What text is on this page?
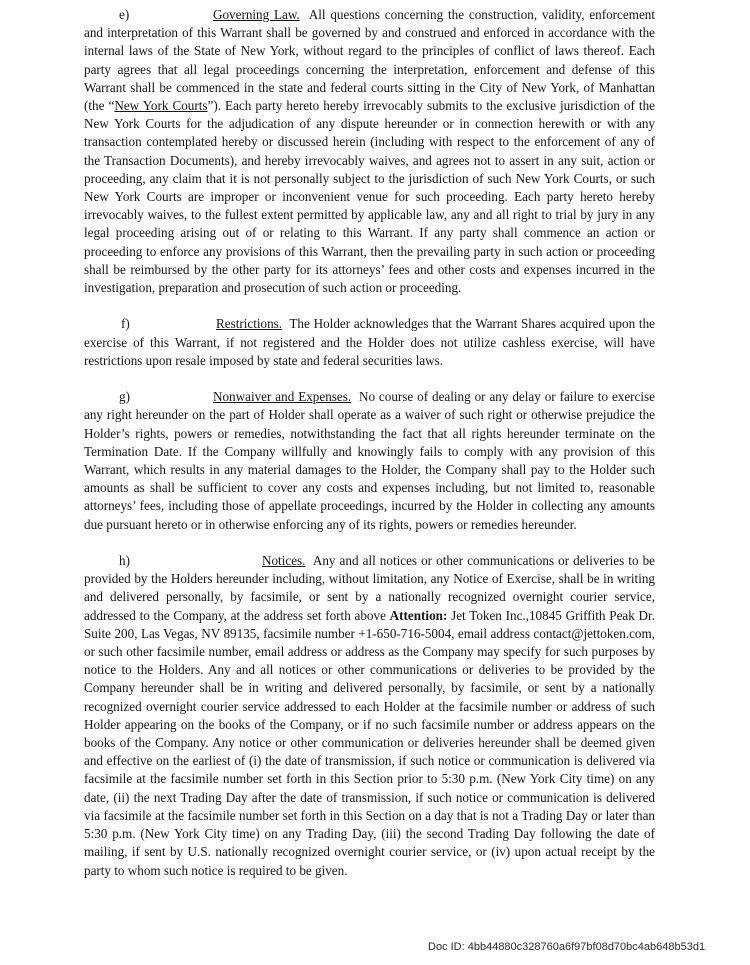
e)	Governing Law. All questions concerning the construction, validity, enforcement and interpretation of this Warrant shall be governed by and construed and enforced in accordance with the internal laws of the State of New York, without regard to the principles of conflict of laws thereof. Each party agrees that all legal proceedings concerning the interpretation, enforcement and defense of this Warrant shall be commenced in the state and federal courts sitting in the City of New York, of Manhattan (the “New York Courts”). Each party hereto hereby irrevocably submits to the exclusive jurisdiction of the New York Courts for the adjudication of any dispute hereunder or in connection herewith or with any transaction contemplated hereby or discussed herein (including with respect to the enforcement of any of the Transaction Documents), and hereby irrevocably waives, and agrees not to assert in any suit, action or proceeding, any claim that it is not personally subject to the jurisdiction of such New York Courts, or such New York Courts are improper or inconvenient venue for such proceeding. Each party hereto hereby irrevocably waives, to the fullest extent permitted by applicable law, any and all right to trial by jury in any legal proceeding arising out of or relating to this Warrant. If any party shall commence an action or proceeding to enforce any provisions of this Warrant, then the prevailing party in such action or proceeding shall be reimbursed by the other party for its attorneys’ fees and other costs and expenses incurred in the investigation, preparation and prosecution of such action or proceeding.

f)	Restrictions. The Holder acknowledges that the Warrant Shares acquired upon the exercise of this Warrant, if not registered and the Holder does not utilize cashless exercise, will have restrictions upon resale imposed by state and federal securities laws.

g)	Nonwaiver and Expenses. No course of dealing or any delay or failure to exercise any right hereunder on the part of Holder shall operate as a waiver of such right or otherwise prejudice the Holder’s rights, powers or remedies, notwithstanding the fact that all rights hereunder terminate on the Termination Date. If the Company willfully and knowingly fails to comply with any provision of this Warrant, which results in any material damages to the Holder, the Company shall pay to the Holder such amounts as shall be sufficient to cover any costs and expenses including, but not limited to, reasonable attorneys’ fees, including those of appellate proceedings, incurred by the Holder in collecting any amounts due pursuant hereto or in otherwise enforcing any of its rights, powers or remedies hereunder.

h)	Notices. Any and all notices or other communications or deliveries to be provided by the Holders hereunder including, without limitation, any Notice of Exercise, shall be in writing and delivered personally, by facsimile, or sent by a nationally recognized overnight courier service, addressed to the Company, at the address set forth above Attention: Jet Token Inc.,10845 Griffith Peak Dr. Suite 200, Las Vegas, NV 89135, facsimile number +1-650-716-5004, email address contact@jettoken.com, or such other facsimile number, email address or address as the Company may specify for such purposes by notice to the Holders. Any and all notices or other communications or deliveries to be provided by the Company hereunder shall be in writing and delivered personally, by facsimile, or sent by a nationally recognized overnight courier service addressed to each Holder at the facsimile number or address of such Holder appearing on the books of the Company, or if no such facsimile number or address appears on the books of the Company. Any notice or other communication or deliveries hereunder shall be deemed given and effective on the earliest of (i) the date of transmission, if such notice or communication is delivered via facsimile at the facsimile number set forth in this Section prior to 5:30 p.m. (New York City time) on any date, (ii) the next Trading Day after the date of transmission, if such notice or communication is delivered via facsimile at the facsimile number set forth in this Section on a day that is not a Trading Day or later than 5:30 p.m. (New York City time) on any Trading Day, (iii) the second Trading Day following the date of mailing, if sent by U.S. nationally recognized overnight courier service, or (iv) upon actual receipt by the party to whom such notice is required to be given.

Doc ID: 4bb44880c328760a6f97bf08d70bc4ab648b53d1
